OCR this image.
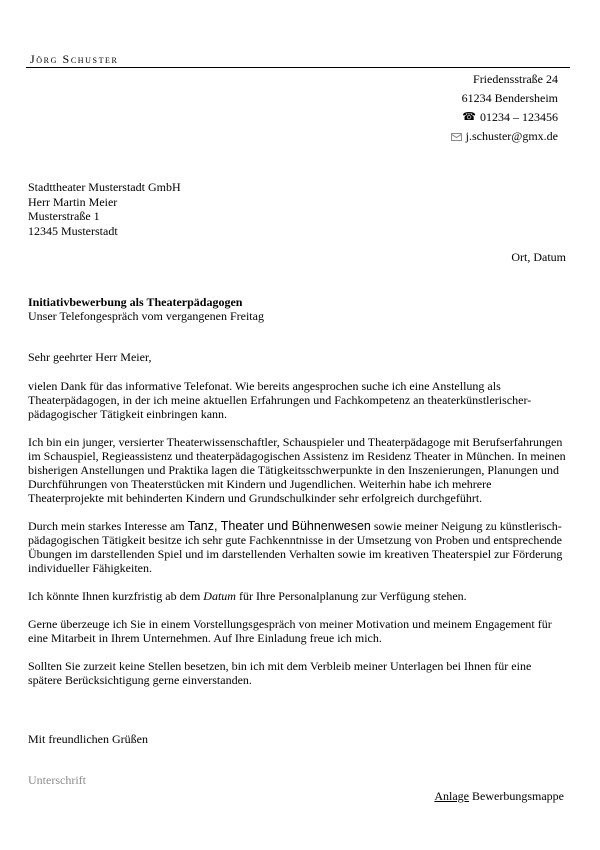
Jörg Schuster
Friedensstraße 24
61234 Bendersheim
☎ 01234 – 123456
j.schuster@gmx.de
Stadttheater Musterstadt GmbH
Herr Martin Meier
Musterstraße 1
12345 Musterstadt
Ort, Datum
Initiativbewerbung als Theaterpädagogen
Unser Telefongespräch vom vergangenen Freitag

Sehr geehrter Herr Meier,

vielen Dank für das informative Telefonat. Wie bereits angesprochen suche ich eine Anstellung als Theaterpädagogen, in der ich meine aktuellen Erfahrungen und Fachkompetenz an theaterkünstlerischer-pädagogischer Tätigkeit einbringen kann.

Ich bin ein junger, versierter Theaterwissenschaftler, Schauspieler und Theaterpädagoge mit Berufserfahrungen im Schauspiel, Regieassistenz und theaterpädagogischen Assistenz im Residenz Theater in München. In meinen bisherigen Anstellungen und Praktika lagen die Tätigkeitsschwerpunkte in den Inszenierungen, Planungen und Durchführungen von Theaterstücken mit Kindern und Jugendlichen. Weiterhin habe ich mehrere Theaterprojekte mit behinderten Kindern und Grundschulkinder sehr erfolgreich durchgeführt.

Durch mein starkes Interesse am Tanz, Theater und Bühnenwesen sowie meiner Neigung zu künstlerisch-pädagogischen Tätigkeit besitze ich sehr gute Fachkenntnisse in der Umsetzung von Proben und entsprechende Übungen im darstellenden Spiel und im darstellenden Verhalten sowie im kreativen Theaterspiel zur Förderung individueller Fähigkeiten.

Ich könnte Ihnen kurzfristig ab dem Datum für Ihre Personalplanung zur Verfügung stehen.

Gerne überzeuge ich Sie in einem Vorstellungsgespräch von meiner Motivation und meinem Engagement für eine Mitarbeit in Ihrem Unternehmen. Auf Ihre Einladung freue ich mich.

Sollten Sie zurzeit keine Stellen besetzen, bin ich mit dem Verbleib meiner Unterlagen bei Ihnen für eine spätere Berücksichtigung gerne einverstanden.

Mit freundlichen Grüßen
Unterschrift
Anlage Bewerbungsmappe
